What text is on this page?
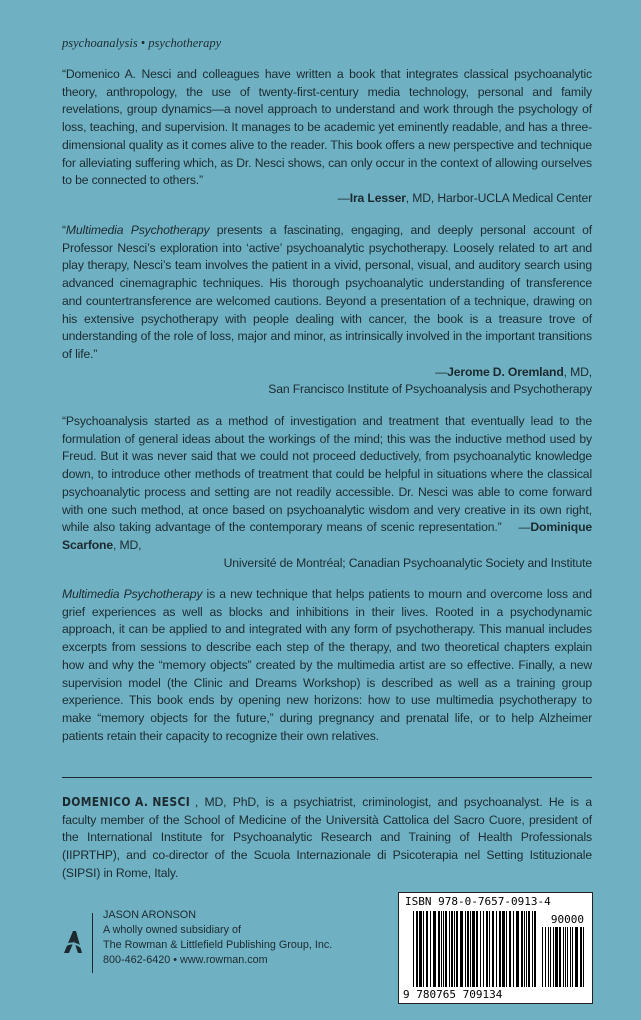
psychoanalysis • psychotherapy

“Domenico A. Nesci and colleagues have written a book that integrates classical psychoanalytic theory, anthropology, the use of twenty-first-century media technology, personal and family revelations, group dynamics—a novel approach to understand and work through the psychology of loss, teaching, and supervision. It manages to be academic yet eminently readable, and has a three-dimensional quality as it comes alive to the reader. This book offers a new perspective and technique for alleviating suffering which, as Dr. Nesci shows, can only occur in the context of allowing ourselves to be connected to others.”

—Ira Lesser, MD, Harbor-UCLA Medical Center

“Multimedia Psychotherapy presents a fascinating, engaging, and deeply personal account of Professor Nesci’s exploration into ‘active’ psychoanalytic psychotherapy. Loosely related to art and play therapy, Nesci’s team involves the patient in a vivid, personal, visual, and auditory search using advanced cinemagraphic techniques. His thorough psychoanalytic understanding of transference and countertransference are welcomed cautions. Beyond a presentation of a technique, drawing on his extensive psychotherapy with people dealing with cancer, the book is a treasure trove of understanding of the role of loss, major and minor, as intrinsically involved in the important transitions of life.”

—Jerome D. Oremland, MD,

San Francisco Institute of Psychoanalysis and Psychotherapy

“Psychoanalysis started as a method of investigation and treatment that eventually lead to the formulation of general ideas about the workings of the mind; this was the inductive method used by Freud. But it was never said that we could not proceed deductively, from psychoanalytic knowledge down, to introduce other methods of treatment that could be helpful in situations where the classical psychoanalytic process and setting are not readily accessible. Dr. Nesci was able to come forward with one such method, at once based on psychoanalytic wisdom and very creative in its own right, while also taking advantage of the contemporary means of scenic representation.”    —Dominique Scarfone, MD,

Université de Montréal; Canadian Psychoanalytic Society and Institute

Multimedia Psychotherapy is a new technique that helps patients to mourn and overcome loss and grief experiences as well as blocks and inhibitions in their lives. Rooted in a psychodynamic approach, it can be applied to and integrated with any form of psychotherapy. This manual includes excerpts from sessions to describe each step of the therapy, and two theoretical chapters explain how and why the “memory objects” created by the multimedia artist are so effective. Finally, a new supervision model (the Clinic and Dreams Workshop) is described as well as a training group experience. This book ends by opening new horizons: how to use multimedia psychotherapy to make “memory objects for the future,” during pregnancy and prenatal life, or to help Alzheimer patients retain their capacity to recognize their own relatives.

DOMENICO A. NESCI , MD, PhD, is a psychiatrist, criminologist, and psychoanalyst. He is a faculty member of the School of Medicine of the Università Cattolica del Sacro Cuore, president of the International Institute for Psychoanalytic Research and Training of Health Professionals (IIPRTHP), and co-director of the Scuola Internazionale di Psicoterapia nel Setting Istituzionale (SIPSI) in Rome, Italy.
JASON ARONSON
A wholly owned subsidiary of
The Rowman & Littlefield Publishing Group, Inc.
800-462-6420 • www.rowman.com
ISBN 978-0-7657-0913-4
90000
9 780765 709134
